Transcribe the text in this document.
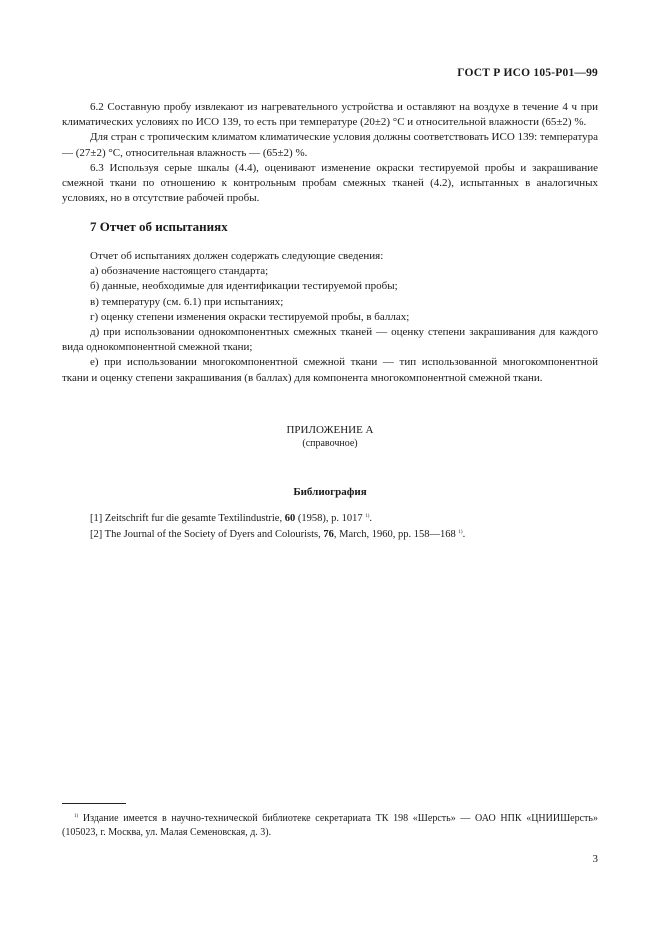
ГОСТ Р ИСО 105-Р01—99

6.2 Составную пробу извлекают из нагревательного устройства и оставляют на воздухе в течение 4 ч при климатических условиях по ИСО 139, то есть при температуре (20±2) °С и относительной влажности (65±2) %.

Для стран с тропическим климатом климатические условия должны соответствовать ИСО 139: температура — (27±2) °С, относительная влажность — (65±2) %.

6.3 Используя серые шкалы (4.4), оценивают изменение окраски тестируемой пробы и закрашивание смежной ткани по отношению к контрольным пробам смежных тканей (4.2), испытанных в аналогичных условиях, но в отсутствие рабочей пробы.

7 Отчет об испытаниях

Отчет об испытаниях должен содержать следующие сведения:

а) обозначение настоящего стандарта;

б) данные, необходимые для идентификации тестируемой пробы;

в) температуру (см. 6.1) при испытаниях;

г) оценку степени изменения окраски тестируемой пробы, в баллах;

д) при использовании однокомпонентных смежных тканей — оценку степени закрашивания для каждого вида однокомпонентной смежной ткани;

е) при использовании многокомпонентной смежной ткани — тип использованной многокомпонентной ткани и оценку степени закрашивания (в баллах) для компонента многокомпонентной смежной ткани.

ПРИЛОЖЕНИЕ А
(справочное)
Библиография
[1] Zeitschrift fur die gesamte Textilindustrie, 60 (1958), p. 1017 $^{1)}$.
[2] The Journal of the Society of Dyers and Colourists, 76, March, 1960, pp. 158—168 $^{1)}$.

$^{1)}$ Издание имеется в научно-технической библиотеке секретариата ТК 198 «Шерсть» — ОАО НПК «ЦНИИШерсть» (105023, г. Москва, ул. Малая Семеновская, д. 3).

3
